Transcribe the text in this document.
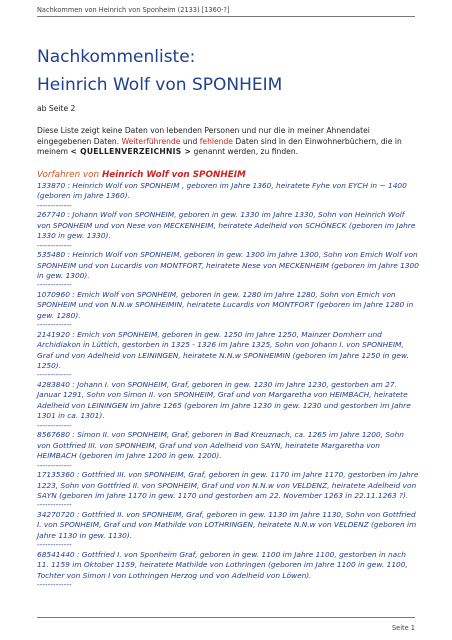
Nachkommen von Heinrich von Sponheim (2133) [1360-?]
Nachkommenliste:
Heinrich Wolf von SPONHEIM
ab Seite 2
Diese Liste zeigt keine Daten von lebenden Personen und nur die in meiner Ahnendatei
eingegebenen Daten. Weiterführende und fehlende Daten sind in den Einwohnerbüchern, die in
meinem < QUELLENVERZEICHNIS > genannt werden, zu finden.
Vorfahren von Heinrich Wolf von SPONHEIM
133870 : Heinrich Wolf von SPONHEIM , geboren im Jahre 1360, heiratete Fyhe von EYCH in ~ 1400 (geboren im Jahre 1360).
-------------
267740 : Johann Wolf von SPONHEIM, geboren in gew. 1330 im Jahre 1330, Sohn von Heinrich Wolf von SPONHEIM und von Nese von MECKENHEIM, heiratete Adelheid von SCHÖNECK (geboren im Jahre 1330 in gew. 1330).
-------------
535480 : Heinrich Wolf von SPONHEIM, geboren in gew. 1300 im Jahre 1300, Sohn von Emich Wolf von SPONHEIM und von Lucardis von MONTFORT, heiratete Nese von MECKENHEIM (geboren im Jahre 1300 in gew. 1300).
-------------
1070960 : Emich Wolf von SPONHEIM, geboren in gew. 1280 im Jahre 1280, Sohn von Emich von SPONHEIM und von N.N.w SPONHEIMIN, heiratete Lucardis von MONTFORT (geboren im Jahre 1280 in gew. 1280).
-------------
2141920 : Emich von SPONHEIM, geboren in gew. 1250 im Jahre 1250, Mainzer Domherr und Archidiakon in Lüttich, gestorben in 1325 - 1326 im Jahre 1325, Sohn von Johann I. von SPONHEIM, Graf und von Adelheid von LEININGEN, heiratete N.N.w SPONHEIMIN (geboren im Jahre 1250 in gew. 1250).
-------------
4283840 : Johann I. von SPONHEIM, Graf, geboren in gew. 1230 im Jahre 1230, gestorben am 27. Januar 1291, Sohn von Simon II. von SPONHEIM, Graf und von Margaretha von HEIMBACH, heiratete Adelheid von LEININGEN im Jahre 1265 (geboren im Jahre 1230 in gew. 1230 und gestorben im Jahre 1301 in ca. 1301).
-------------
8567680 : Simon II. von SPONHEIM, Graf, geboren in Bad Kreuznach, ca. 1265 im Jahre 1200, Sohn von Gottfried III. von SPONHEIM, Graf und von Adelheid von SAYN, heiratete Margaretha von HEIMBACH (geboren im Jahre 1200 in gew. 1200).
-------------
17135360 : Gottfried III. von SPONHEIM, Graf, geboren in gew. 1170 im Jahre 1170, gestorben im Jahre 1223, Sohn von Gottfried II. von SPONHEIM, Graf und von N.N.w von VELDENZ, heiratete Adelheid von SAYN (geboren im Jahre 1170 in gew. 1170 und gestorben am 22. November 1263 in 22.11.1263 ?).
-------------
34270720 : Gottfried II. von SPONHEIM, Graf, geboren in gew. 1130 im Jahre 1130, Sohn von Gottfried I. von SPONHEIM, Graf und von Mathilde von LOTHRINGEN, heiratete N.N.w von VELDENZ (geboren im Jahre 1130 in gew. 1130).
-------------
68541440 : Gottfried I. von Sponheim Graf, geboren in gew. 1100 im Jahre 1100, gestorben in nach 11. 1159 im Oktober 1159, heiratete Mathilde von Lothringen (geboren im Jahre 1100 in gew. 1100, Tochter von Simon I von Lothringen Herzog und von Adelheid von Löwen).
-------------
Seite 1
